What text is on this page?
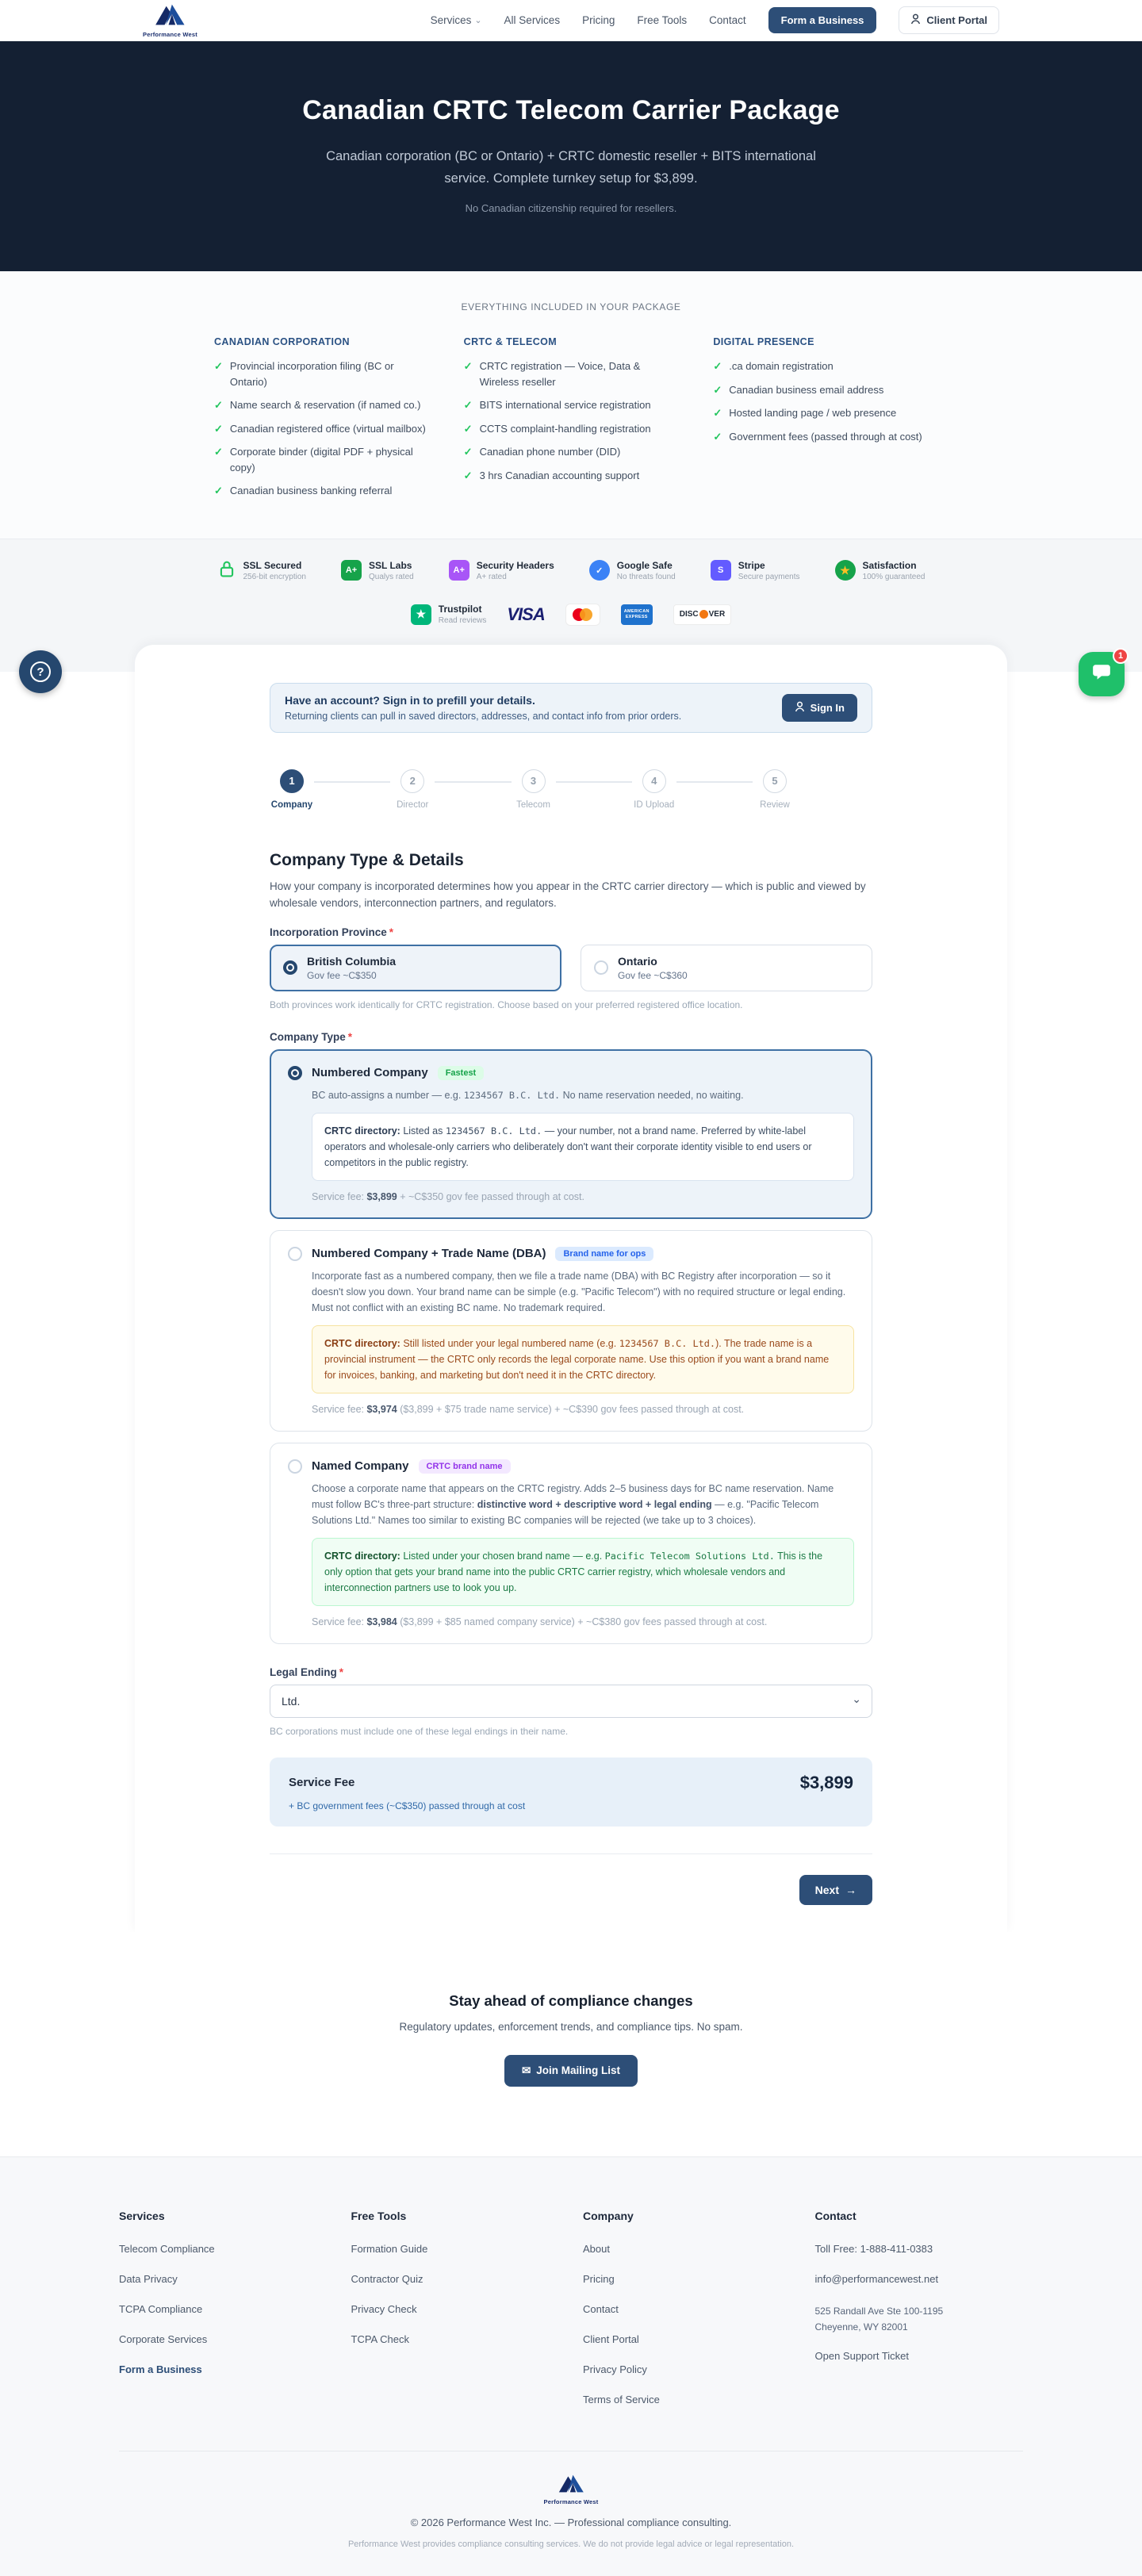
Performance West
Services ⌄ All Services Pricing Free Tools Contact	Form a Business	Client Portal
Canadian CRTC Telecom Carrier Package

Canadian corporation (BC or Ontario) + CRTC domestic reseller + BITS international service. Complete turnkey setup for $3,899.

No Canadian citizenship required for resellers.

EVERYTHING INCLUDED IN YOUR PACKAGE

CANADIAN CORPORATION
✓ Provincial incorporation filing (BC or Ontario)
✓ Name search & reservation (if named co.)
✓ Canadian registered office (virtual mailbox)
✓ Corporate binder (digital PDF + physical copy)
✓ Canadian business banking referral
CRTC & TELECOM
✓ CRTC registration — Voice, Data & Wireless reseller
✓ BITS international service registration
✓ CCTS complaint-handling registration
✓ Canadian phone number (DID)
✓ 3 hrs Canadian accounting support
DIGITAL PRESENCE
✓ .ca domain registration
✓ Canadian business email address
✓ Hosted landing page / web presence
✓ Government fees (passed through at cost)
SSL Secured
256-bit encryption
A+	SSL Labs
Qualys rated
A+	Security Headers
A+ rated
✓	Google Safe
No threats found
S	Stripe
Secure payments
★	Satisfaction
100% guaranteed
★	Trustpilot
Read reviews VISA	AMERICAN
EXPRESS	DISC VER
Have an account? Sign in to prefill your details.
Returning clients can pull in saved directors, addresses, and contact info from prior orders.
Sign In
1
Company
2
Director
3
Telecom
4
ID Upload
5
Review
Company Type & Details

How your company is incorporated determines how you appear in the CRTC carrier directory — which is public and viewed by wholesale vendors, interconnection partners, and regulators.

Incorporation Province *
British Columbia
Gov fee ~C$350
Ontario
Gov fee ~C$360

Both provinces work identically for CRTC registration. Choose based on your preferred registered office location.

Company Type *
Numbered Company	Fastest

BC auto-assigns a number — e.g. 1234567 B.C. Ltd. No name reservation needed, no waiting.

CRTC directory: Listed as 1234567 B.C. Ltd. — your number, not a brand name. Preferred by white-label operators and wholesale-only carriers who deliberately don't want their corporate identity visible to end users or competitors in the public registry.

Service fee: $3,899 + ~C$350 gov fee passed through at cost.

Numbered Company + Trade Name (DBA)	Brand name for ops

Incorporate fast as a numbered company, then we file a trade name (DBA) with BC Registry after incorporation — so it doesn't slow you down. Your brand name can be simple (e.g. "Pacific Telecom") with no required structure or legal ending. Must not conflict with an existing BC name. No trademark required.

CRTC directory: Still listed under your legal numbered name (e.g. 1234567 B.C. Ltd.). The trade name is a provincial instrument — the CRTC only records the legal corporate name. Use this option if you want a brand name for invoices, banking, and marketing but don't need it in the CRTC directory.

Service fee: $3,974 ($3,899 + $75 trade name service) + ~C$390 gov fees passed through at cost.

Named Company	CRTC brand name

Choose a corporate name that appears on the CRTC registry. Adds 2–5 business days for BC name reservation. Name must follow BC's three-part structure: distinctive word + descriptive word + legal ending — e.g. "Pacific Telecom Solutions Ltd." Names too similar to existing BC companies will be rejected (we take up to 3 choices).

CRTC directory: Listed under your chosen brand name — e.g. Pacific Telecom Solutions Ltd. This is the only option that gets your brand name into the public CRTC carrier registry, which wholesale vendors and interconnection partners use to look you up.

Service fee: $3,984 ($3,899 + $85 named company service) + ~C$380 gov fees passed through at cost.

Legal Ending *
Ltd.
⌄

BC corporations must include one of these legal endings in their name.

Service Fee	$3,899

+ BC government fees (~C$350) passed through at cost

Next →
Stay ahead of compliance changes

Regulatory updates, enforcement trends, and compliance tips. No spam.

✉ Join Mailing List
Services
Telecom Compliance
Data Privacy
TCPA Compliance
Corporate Services
Form a Business
Free Tools
Formation Guide
Contractor Quiz
Privacy Check
TCPA Check
Company
About
Pricing
Contact
Client Portal
Privacy Policy
Terms of Service
Contact
Toll Free: 1-888-411-0383
info@performancewest.net
525 Randall Ave Ste 100-1195
Cheyenne, WY 82001
Open Support Ticket
Performance West

© 2026 Performance West Inc. — Professional compliance consulting.

Performance West provides compliance consulting services. We do not provide legal advice or legal representation.

?
1
